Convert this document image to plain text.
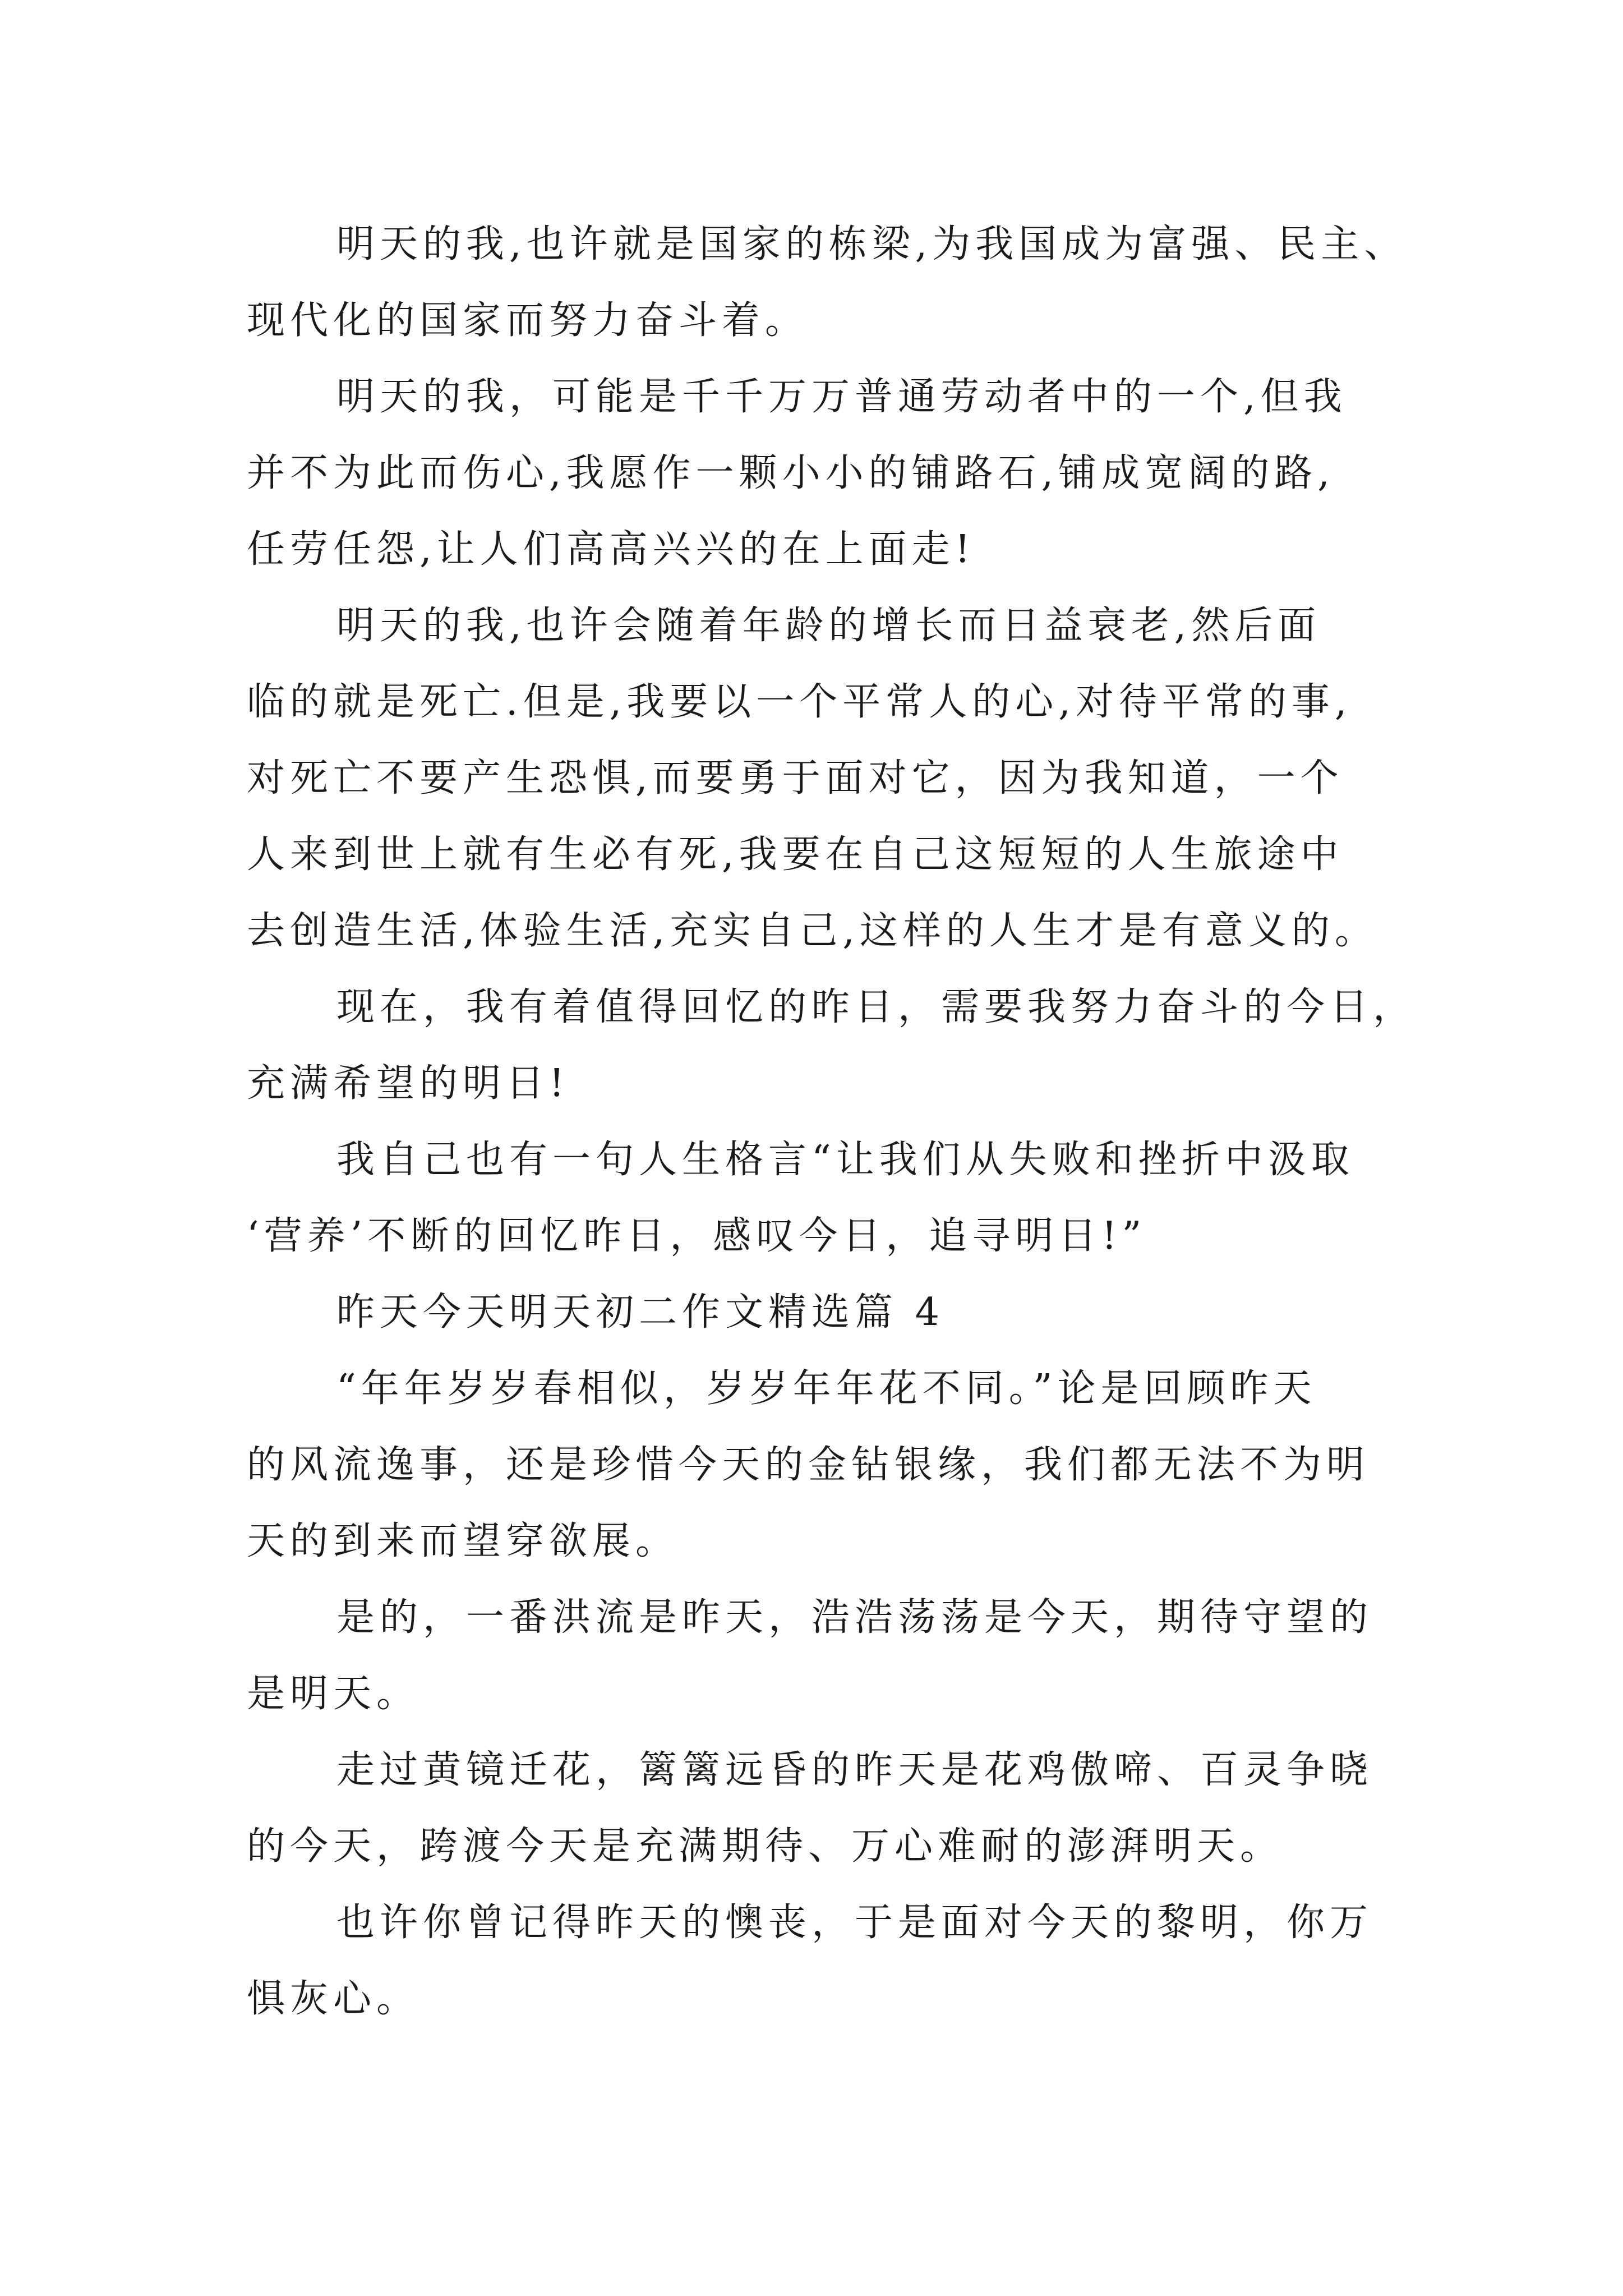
明天的我,也许就是国家的栋梁,为我国成为富强、民主、
现代化的国家而努力奋斗着。
明天的我，可能是千千万万普通劳动者中的一个,但我
并不为此而伤心,我愿作一颗小小的铺路石,铺成宽阔的路,
任劳任怨,让人们高高兴兴的在上面走!
明天的我,也许会随着年龄的增长而日益衰老,然后面
临的就是死亡.但是,我要以一个平常人的心,对待平常的事,
对死亡不要产生恐惧,而要勇于面对它，因为我知道，一个
人来到世上就有生必有死,我要在自己这短短的人生旅途中
去创造生活,体验生活,充实自己,这样的人生才是有意义的。
现在，我有着值得回忆的昨日，需要我努力奋斗的今日，
充满希望的明日!
我自己也有一句人生格言“让我们从失败和挫折中汲取
‘营养’不断的回忆昨日，感叹今日，追寻明日!”
昨天今天明天初二作文精选篇 4
“年年岁岁春相似，岁岁年年花不同。”论是回顾昨天
的风流逸事，还是珍惜今天的金钻银缘，我们都无法不为明
天的到来而望穿欲展。
是的，一番洪流是昨天，浩浩荡荡是今天，期待守望的
是明天。
走过黄镜迁花，篱篱远昏的昨天是花鸡傲啼、百灵争晓
的今天，跨渡今天是充满期待、万心难耐的澎湃明天。
也许你曾记得昨天的懊丧，于是面对今天的黎明，你万
惧灰心。
